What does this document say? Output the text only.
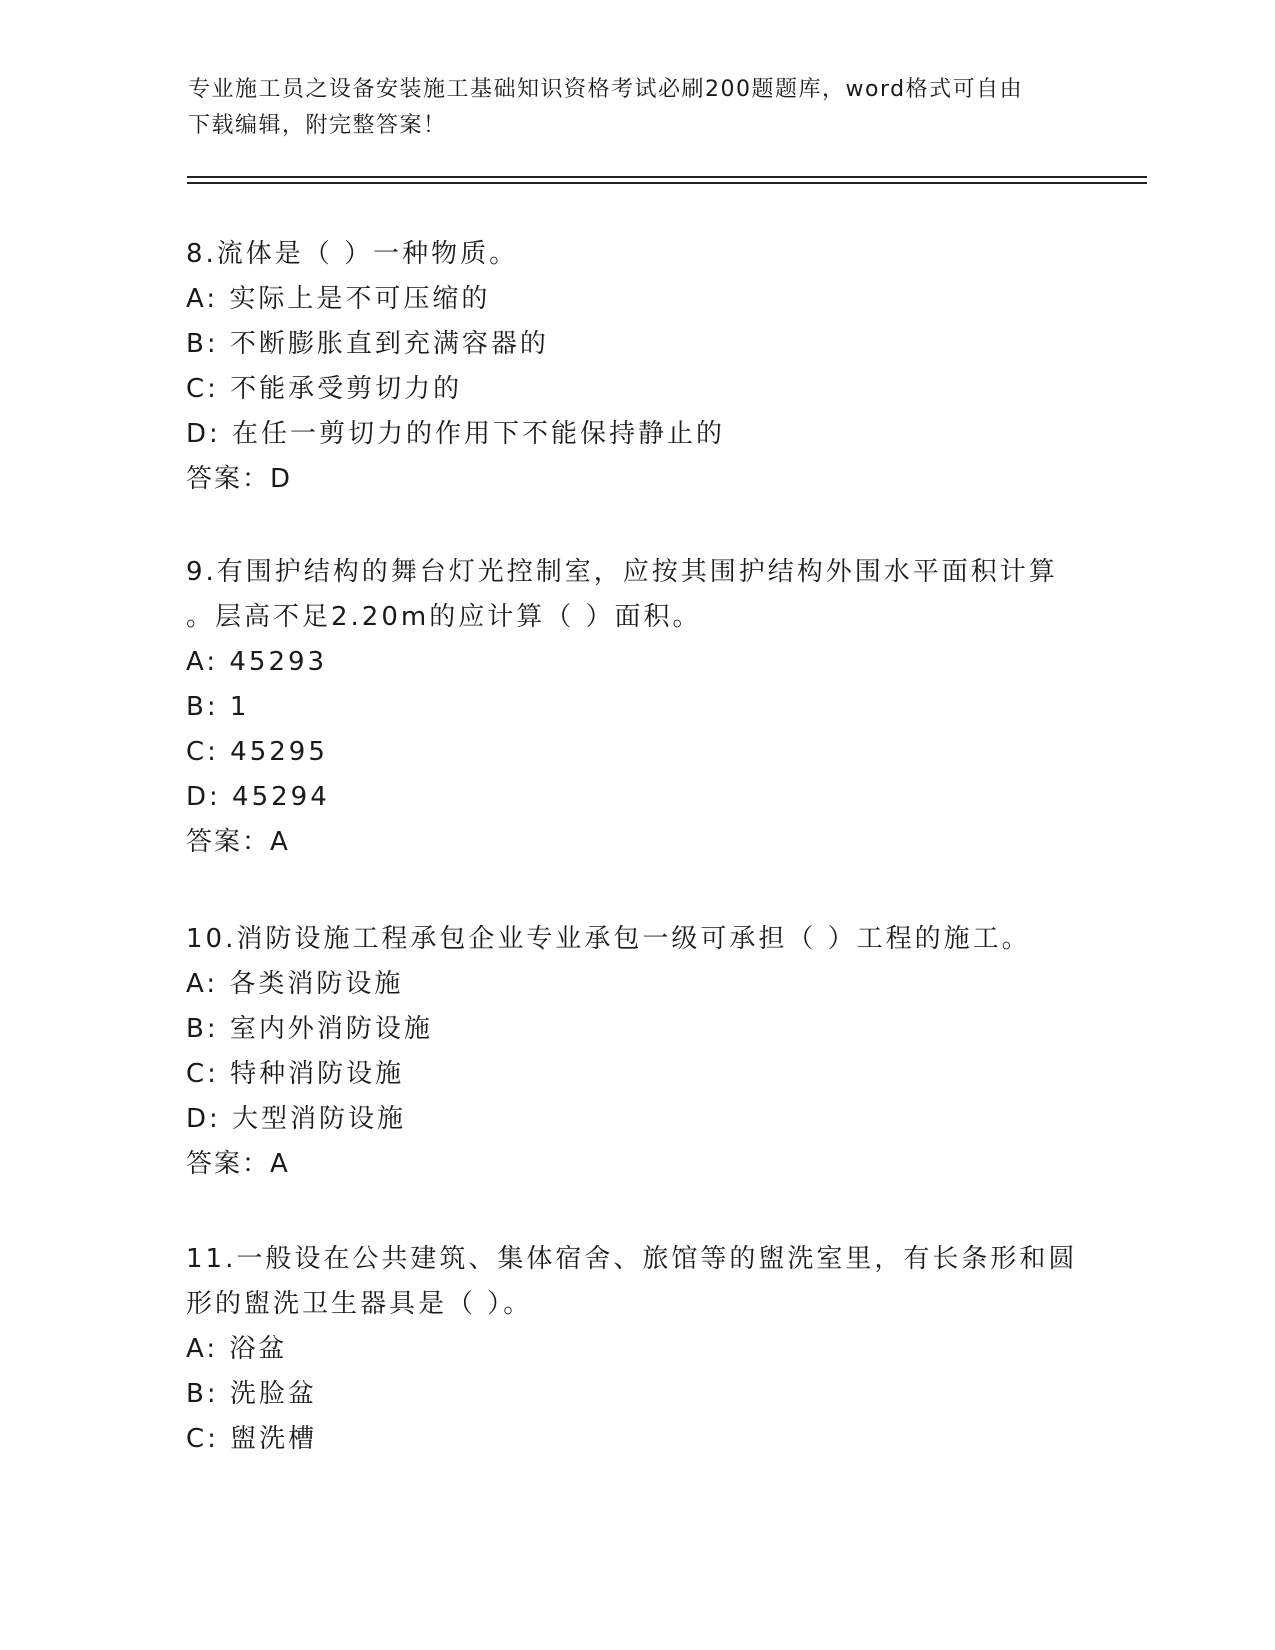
专业施工员之设备安装施工基础知识资格考试必刷200题题库，word格式可自由
下载编辑，附完整答案！

8.流体是（ ）一种物质。

A: 实际上是不可压缩的

B: 不断膨胀直到充满容器的

C: 不能承受剪切力的

D: 在任一剪切力的作用下不能保持静止的

答案：D

9.有围护结构的舞台灯光控制室，应按其围护结构外围水平面积计算

。层高不足2.20m的应计算（ ）面积。

A: 45293

B: 1

C: 45295

D: 45294

答案：A

10.消防设施工程承包企业专业承包一级可承担（ ）工程的施工。

A: 各类消防设施

B: 室内外消防设施

C: 特种消防设施

D: 大型消防设施

答案：A

11.一般设在公共建筑、集体宿舍、旅馆等的盥洗室里，有长条形和圆

形的盥洗卫生器具是（ ）。

A: 浴盆

B: 洗脸盆

C: 盥洗槽
